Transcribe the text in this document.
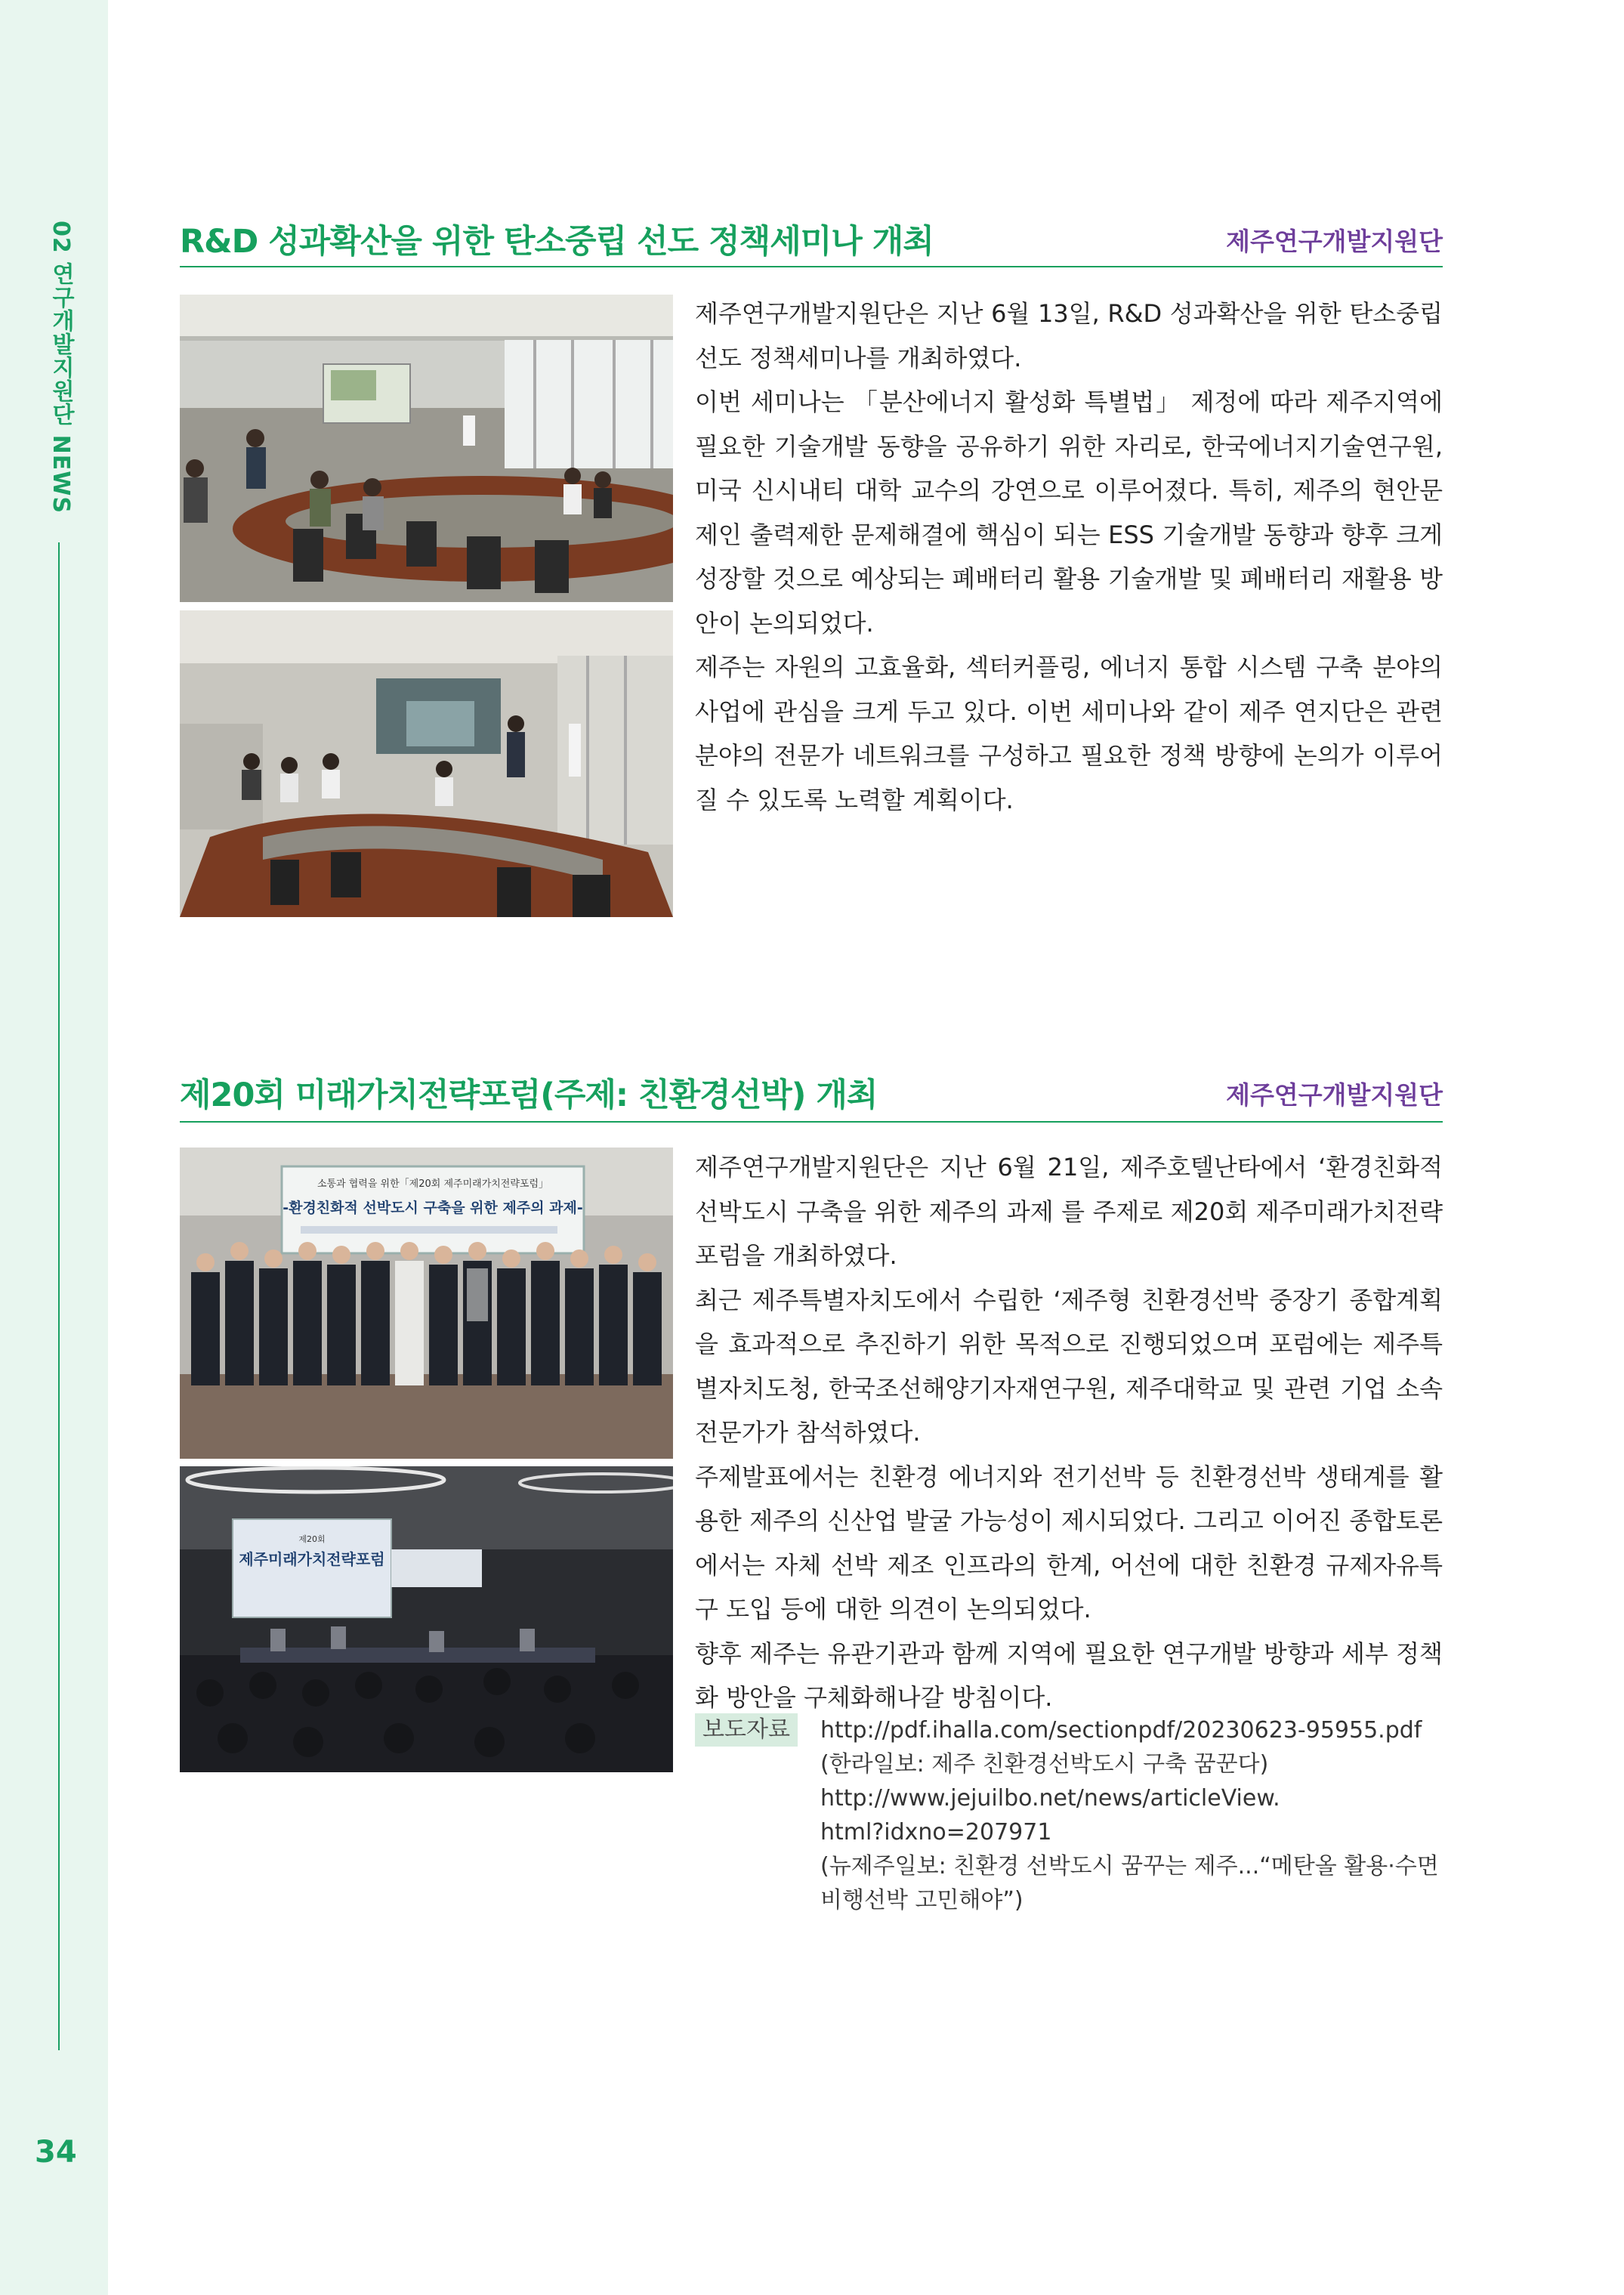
02 연구개발지원단 NEWS
34
R&D 성과확산을 위한 탄소중립 선도 정책세미나 개최	제주연구개발지원단

제주연구개발지원단은 지난 6월 13일, R&D 성과확산을 위한 탄소중립 선도 정책세미나를 개최하였다.
이번 세미나는 「분산에너지 활성화 특별법」 제정에 따라 제주지역에 필요한 기술개발 동향을 공유하기 위한 자리로, 한국에너지기술연구원, 미국 신시내티 대학 교수의 강연으로 이루어졌다. 특히, 제주의 현안문제인 출력제한 문제해결에 핵심이 되는 ESS 기술개발 동향과 향후 크게 성장할 것으로 예상되는 폐배터리 활용 기술개발 및 폐배터리 재활용 방안이 논의되었다.
제주는 자원의 고효율화, 섹터커플링, 에너지 통합 시스템 구축 분야의 사업에 관심을 크게 두고 있다. 이번 세미나와 같이 제주 연지단은 관련 분야의 전문가 네트워크를 구성하고 필요한 정책 방향에 논의가 이루어질 수 있도록 노력할 계획이다.

제20회 미래가치전략포럼(주제: 친환경선박) 개최	제주연구개발지원단
소통과 협력을 위한「제20회 제주미래가치전략포럼」
-환경친화적 선박도시 구축을 위한 제주의 과제-
제20회
제주미래가치전략포럼

제주연구개발지원단은 지난 6월 21일, 제주호텔난타에서 ‘환경친화적 선박도시 구축을 위한 제주의 과제 를 주제로 제20회 제주미래가치전략포럼을 개최하였다.
최근 제주특별자치도에서 수립한 ‘제주형 친환경선박 중장기 종합계획 을 효과적으로 추진하기 위한 목적으로 진행되었으며 포럼에는 제주특별자치도청, 한국조선해양기자재연구원, 제주대학교 및 관련 기업 소속 전문가가 참석하였다.
주제발표에서는 친환경 에너지와 전기선박 등 친환경선박 생태계를 활용한 제주의 신산업 발굴 가능성이 제시되었다. 그리고 이어진 종합토론에서는 자체 선박 제조 인프라의 한계, 어선에 대한 친환경 규제자유특구 도입 등에 대한 의견이 논의되었다.
향후 제주는 유관기관과 함께 지역에 필요한 연구개발 방향과 세부 정책화 방안을 구체화해나갈 방침이다.

보도자료	http://pdf.ihalla.com/sectionpdf/20230623-95955.pdf
(한라일보: 제주 친환경선박도시 구축 꿈꾼다)
http://www.jejuilbo.net/news/articleView.
html?idxno=207971
(뉴제주일보: 친환경 선박도시 꿈꾸는 제주...“메탄올 활용·수면
비행선박 고민해야”)
